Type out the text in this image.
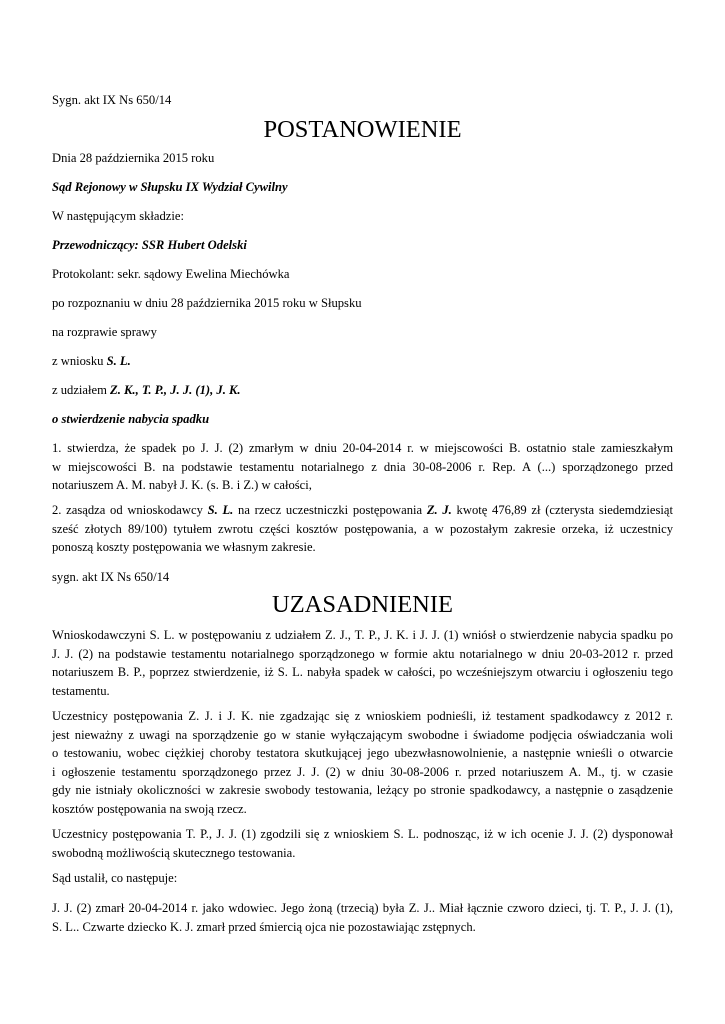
Sygn. akt IX Ns 650/14

POSTANOWIENIE

Dnia 28 października 2015 roku

Sąd Rejonowy w Słupsku IX Wydział Cywilny

W następującym składzie:

Przewodniczący: SSR Hubert Odelski

Protokolant: sekr. sądowy Ewelina Miechówka

po rozpoznaniu w dniu 28 października 2015 roku w Słupsku

na rozprawie sprawy

z wniosku S. L.

z udziałem Z. K., T. P., J. J. (1), J. K.

o stwierdzenie nabycia spadku

1. stwierdza, że spadek po J. J. (2) zmarłym w dniu 20-04-2014 r. w miejscowości B. ostatnio stale zamieszkałym
w miejscowości B. na podstawie testamentu notarialnego z dnia 30-08-2006 r. Rep. A (...) sporządzonego przed
notariuszem A. M. nabył J. K. (s. B. i Z.) w całości,
2. zasądza od wnioskodawcy S. L. na rzecz uczestniczki postępowania Z. J. kwotę 476,89 zł (czterysta siedemdziesiąt
sześć złotych 89/100) tytułem zwrotu części kosztów postępowania, a w pozostałym zakresie orzeka, iż uczestnicy
ponoszą koszty postępowania we własnym zakresie.

sygn. akt IX Ns 650/14

UZASADNIENIE
Wnioskodawczyni S. L. w postępowaniu z udziałem Z. J., T. P., J. K. i J. J. (1) wniósł o stwierdzenie nabycia spadku po
J. J. (2) na podstawie testamentu notarialnego sporządzonego w formie aktu notarialnego w dniu 20-03-2012 r. przed
notariuszem B. P., poprzez stwierdzenie, iż S. L. nabyła spadek w całości, po wcześniejszym otwarciu i ogłoszeniu tego
testamentu.
Uczestnicy postępowania Z. J. i J. K. nie zgadzając się z wnioskiem podnieśli, iż testament spadkodawcy z 2012 r.
jest nieważny z uwagi na sporządzenie go w stanie wyłączającym swobodne i świadome podjęcia oświadczania woli
o testowaniu, wobec ciężkiej choroby testatora skutkującej jego ubezwłasnowolnienie, a następnie wnieśli o otwarcie
i ogłoszenie testamentu sporządzonego przez J. J. (2) w dniu 30-08-2006 r. przed notariuszem A. M., tj. w czasie
gdy nie istniały okoliczności w zakresie swobody testowania, leżący po stronie spadkodawcy, a następnie o zasądzenie
kosztów postępowania na swoją rzecz.
Uczestnicy postępowania T. P., J. J. (1) zgodzili się z wnioskiem S. L. podnosząc, iż w ich ocenie J. J. (2) dysponował
swobodną możliwością skutecznego testowania.

Sąd ustalił, co następuje:

J. J. (2) zmarł 20-04-2014 r. jako wdowiec. Jego żoną (trzecią) była Z. J.. Miał łącznie czworo dzieci, tj. T. P., J. J. (1),
S. L.. Czwarte dziecko K. J. zmarł przed śmiercią ojca nie pozostawiając zstępnych.
